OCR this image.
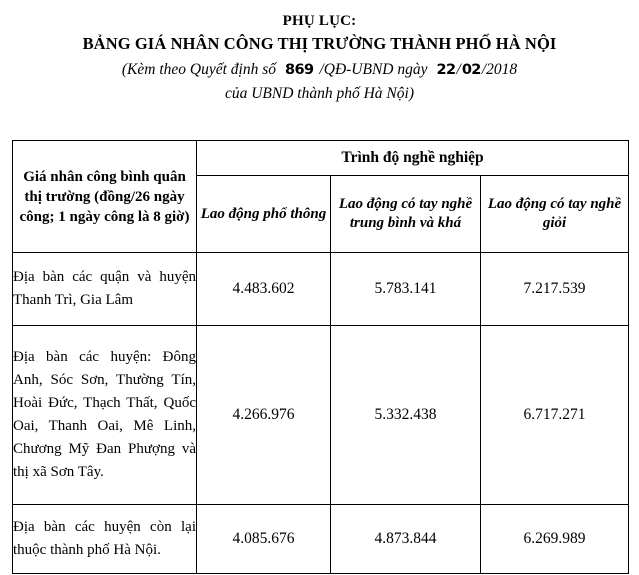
PHỤ LỤC:
BẢNG GIÁ NHÂN CÔNG THỊ TRƯỜNG THÀNH PHỐ HÀ NỘI
(Kèm theo Quyết định số 869 /QĐ-UBND ngày 22/02/2018
của UBND thành phố Hà Nội)
Giá nhân công bình quân thị trường (đồng/26 ngày công; 1 ngày công là 8 giờ)	Trình độ nghề nghiệp		
	Lao động phổ thông	Lao động có tay nghề trung bình và khá	Lao động có tay nghề giỏi
Địa bàn các quận và huyện Thanh Trì, Gia Lâm	4.483.602	5.783.141	7.217.539
Địa bàn các huyện: Đông Anh, Sóc Sơn, Thường Tín, Hoài Đức, Thạch Thất, Quốc Oai, Thanh Oai, Mê Linh, Chương Mỹ Đan Phượng và thị xã Sơn Tây.	4.266.976	5.332.438	6.717.271
Địa bàn các huyện còn lại thuộc thành phố Hà Nội.	4.085.676	4.873.844	6.269.989
